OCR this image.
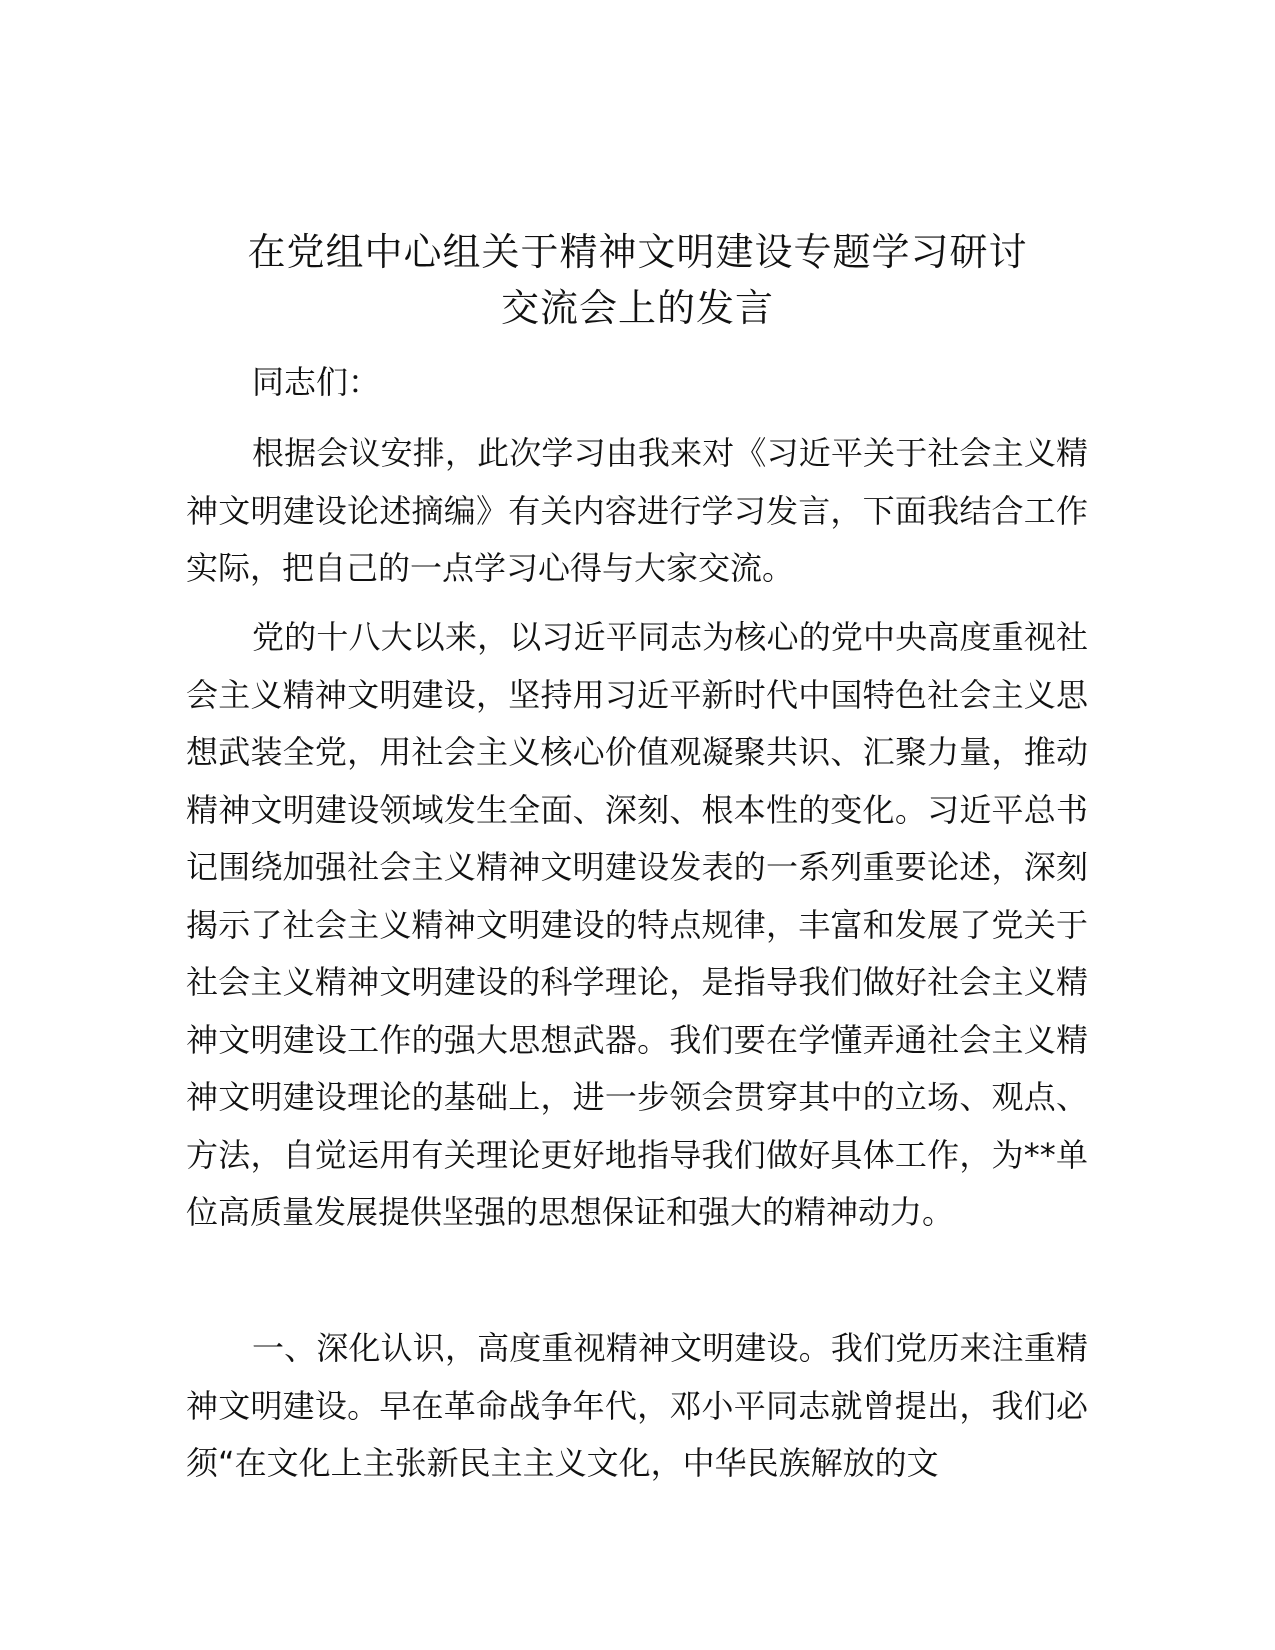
在党组中心组关于精神文明建设专题学习研讨
交流会上的发言

同志们：

根据会议安排，此次学习由我来对《习近平关于社会主义精神文明建设论述摘编》有关内容进行学习发言，下面我结合工作实际，把自己的一点学习心得与大家交流。

党的十八大以来，以习近平同志为核心的党中央高度重视社会主义精神文明建设，坚持用习近平新时代中国特色社会主义思想武装全党，用社会主义核心价值观凝聚共识、汇聚力量，推动精神文明建设领域发生全面、深刻、根本性的变化。习近平总书记围绕加强社会主义精神文明建设发表的一系列重要论述，深刻揭示了社会主义精神文明建设的特点规律，丰富和发展了党关于社会主义精神文明建设的科学理论，是指导我们做好社会主义精神文明建设工作的强大思想武器。我们要在学懂弄通社会主义精神文明建设理论的基础上，进一步领会贯穿其中的立场、观点、方法，自觉运用有关理论更好地指导我们做好具体工作，为**单位高质量发展提供坚强的思想保证和强大的精神动力。

一、深化认识，高度重视精神文明建设。我们党历来注重精神文明建设。早在革命战争年代，邓小平同志就曾提出，我们必须“在文化上主张新民主主义文化，中华民族解放的文
